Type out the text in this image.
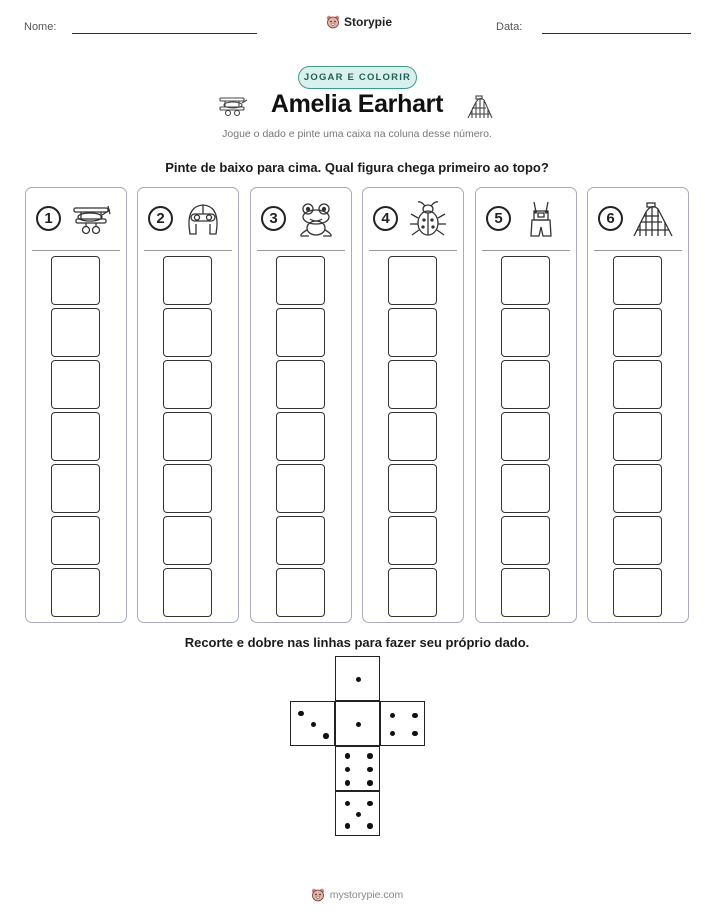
Nome:	Storypie	Data:
JOGAR E COLORIR
Amelia Earhart
Jogue o dado e pinte uma caixa na coluna desse número.
Pinte de baixo para cima. Qual figura chega primeiro ao topo?
1	2	3	4	5	6
Recorte e dobre nas linhas para fazer seu próprio dado.
mystorypie.com
